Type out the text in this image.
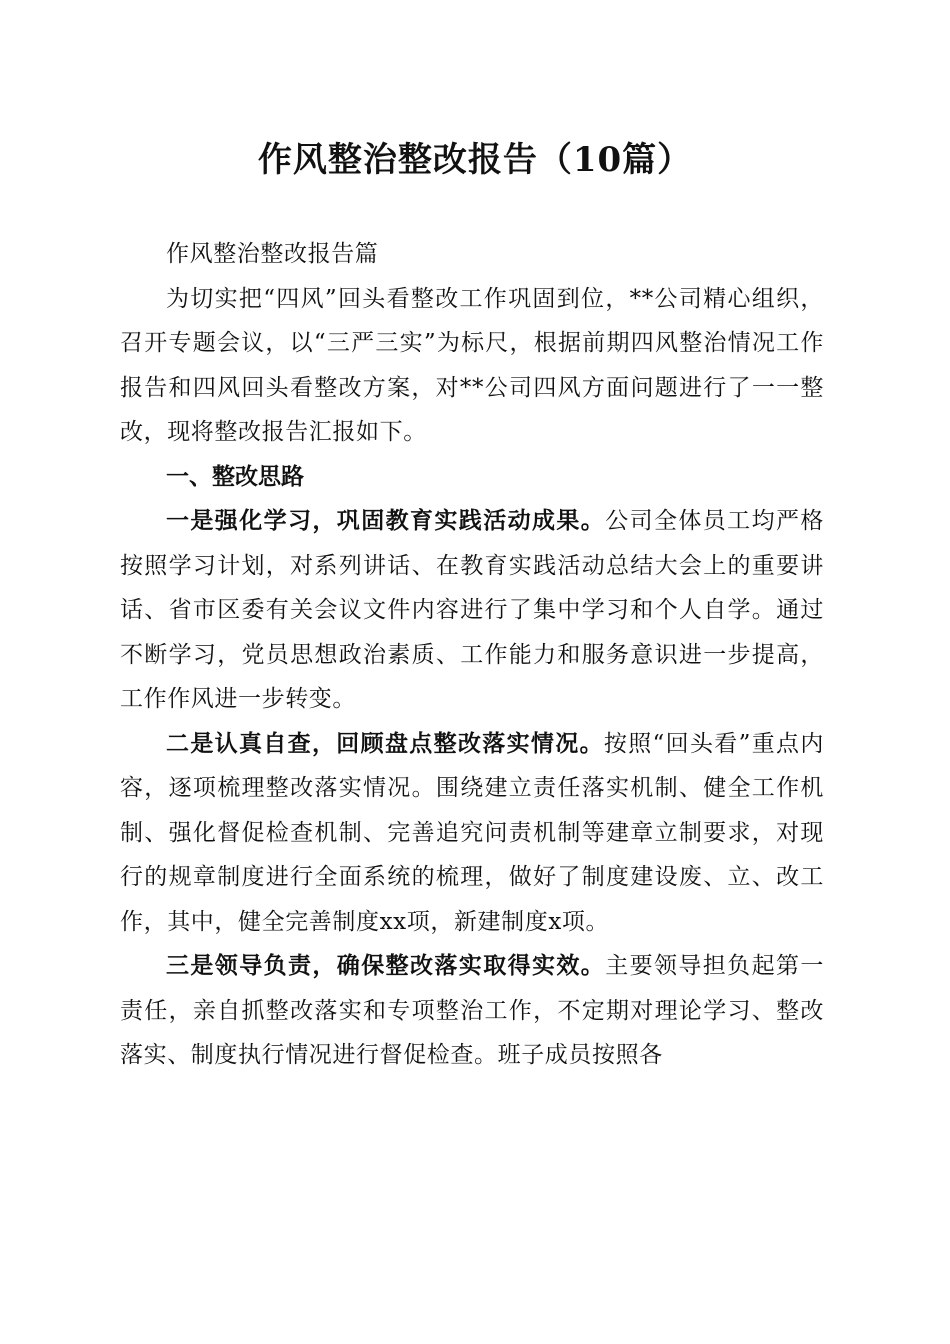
作风整治整改报告（10篇）

作风整治整改报告篇

为切实把“四风”回头看整改工作巩固到位，**公司精心组织，召开专题会议，以“三严三实”为标尺，根据前期四风整治情况工作报告和四风回头看整改方案，对**公司四风方面问题进行了一一整改，现将整改报告汇报如下。

一、整改思路

一是强化学习，巩固教育实践活动成果。公司全体员工均严格按照学习计划，对系列讲话、在教育实践活动总结大会上的重要讲话、省市区委有关会议文件内容进行了集中学习和个人自学。通过不断学习，党员思想政治素质、工作能力和服务意识进一步提高，工作作风进一步转变。

二是认真自查，回顾盘点整改落实情况。按照“回头看”重点内容，逐项梳理整改落实情况。围绕建立责任落实机制、健全工作机制、强化督促检查机制、完善追究问责机制等建章立制要求，对现行的规章制度进行全面系统的梳理，做好了制度建设废、立、改工作，其中，健全完善制度xx项，新建制度x项。

三是领导负责，确保整改落实取得实效。主要领导担负起第一责任，亲自抓整改落实和专项整治工作，不定期对理论学习、整改落实、制度执行情况进行督促检查。班子成员按照各
